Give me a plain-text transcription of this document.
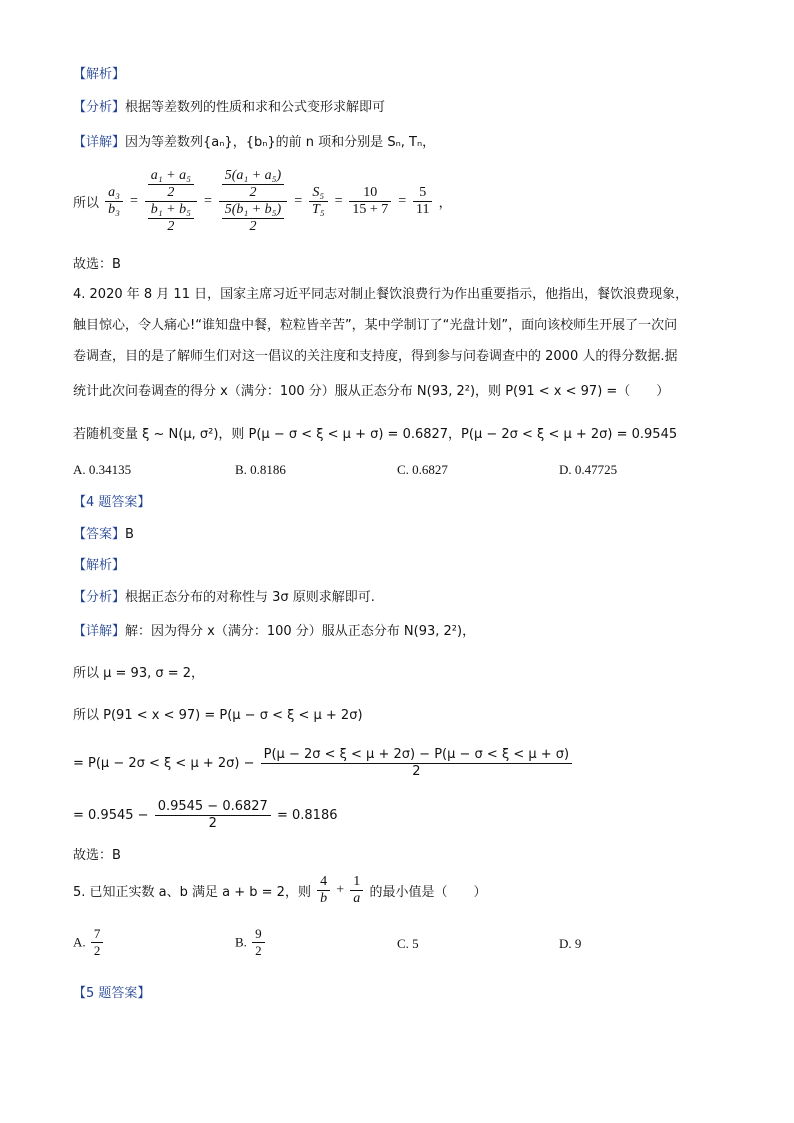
【解析】
【分析】根据等差数列的性质和求和公式变形求解即可
【详解】因为等差数列{aₙ}，{bₙ}的前 n 项和分别是 Sₙ, Tₙ，
所以 $\frac{\text{a₃}}{\text{b₃}} = \frac{\frac{\text{a₁ + a₅}}{2}}{\frac{\text{b₁ + b₅}}{2}} = \frac{\frac{\text{5(a₁ + a₅)}}{2}}{\frac{\text{5(b₁ + b₅)}}{2}} = \frac{\text{S₅}}{\text{T₅}} = \frac{10}{15 + 7} = \frac{5}{11}$ ，
故选：B
4. 2020 年 8 月 11 日，国家主席习近平同志对制止餐饮浪费行为作出重要指示，他指出，餐饮浪费现象，
触目惊心，令人痛心!“谁知盘中餐，粒粒皆辛苦”，某中学制订了“光盘计划”，面向该校师生开展了一次问
卷调查，目的是了解师生们对这一倡议的关注度和支持度，得到参与问卷调查中的 2000 人的得分数据.据
统计此次问卷调查的得分 x（满分：100 分）服从正态分布 N(93, 2²)，则 P(91 < x < 97) =（　　）
若随机变量 ξ ~ N(μ, σ²)，则 P(μ − σ < ξ < μ + σ) = 0.6827，P(μ − 2σ < ξ < μ + 2σ) = 0.9545
A. 0.34135	B. 0.8186	C. 0.6827	D. 0.47725
【4 题答案】
【答案】B
【解析】
【分析】根据正态分布的对称性与 3σ 原则求解即可.
【详解】解：因为得分 x（满分：100 分）服从正态分布 N(93, 2²)，
所以 μ = 93, σ = 2，
所以 P(91 < x < 97) = P(μ − σ < ξ < μ + 2σ)
= $P(\mu - 2\sigma < \xi < \mu + 2\sigma) - \frac{P(\mu - 2\sigma < \xi < \mu + 2\sigma) - P(\mu - \sigma < \xi < \mu + \sigma)}{2}$
= $0.9545 - \frac{0.9545 - 0.6827}{2} = 0.8186$
故选：B
5. 已知正实数 a、b 满足 a + b = 2，则 $\frac{4}{b} + \frac{1}{a}$ 的最小值是（　　）
A. $\frac{7}{2}$	B. $\frac{9}{2}$	C. 5	D. 9
【5 题答案】
